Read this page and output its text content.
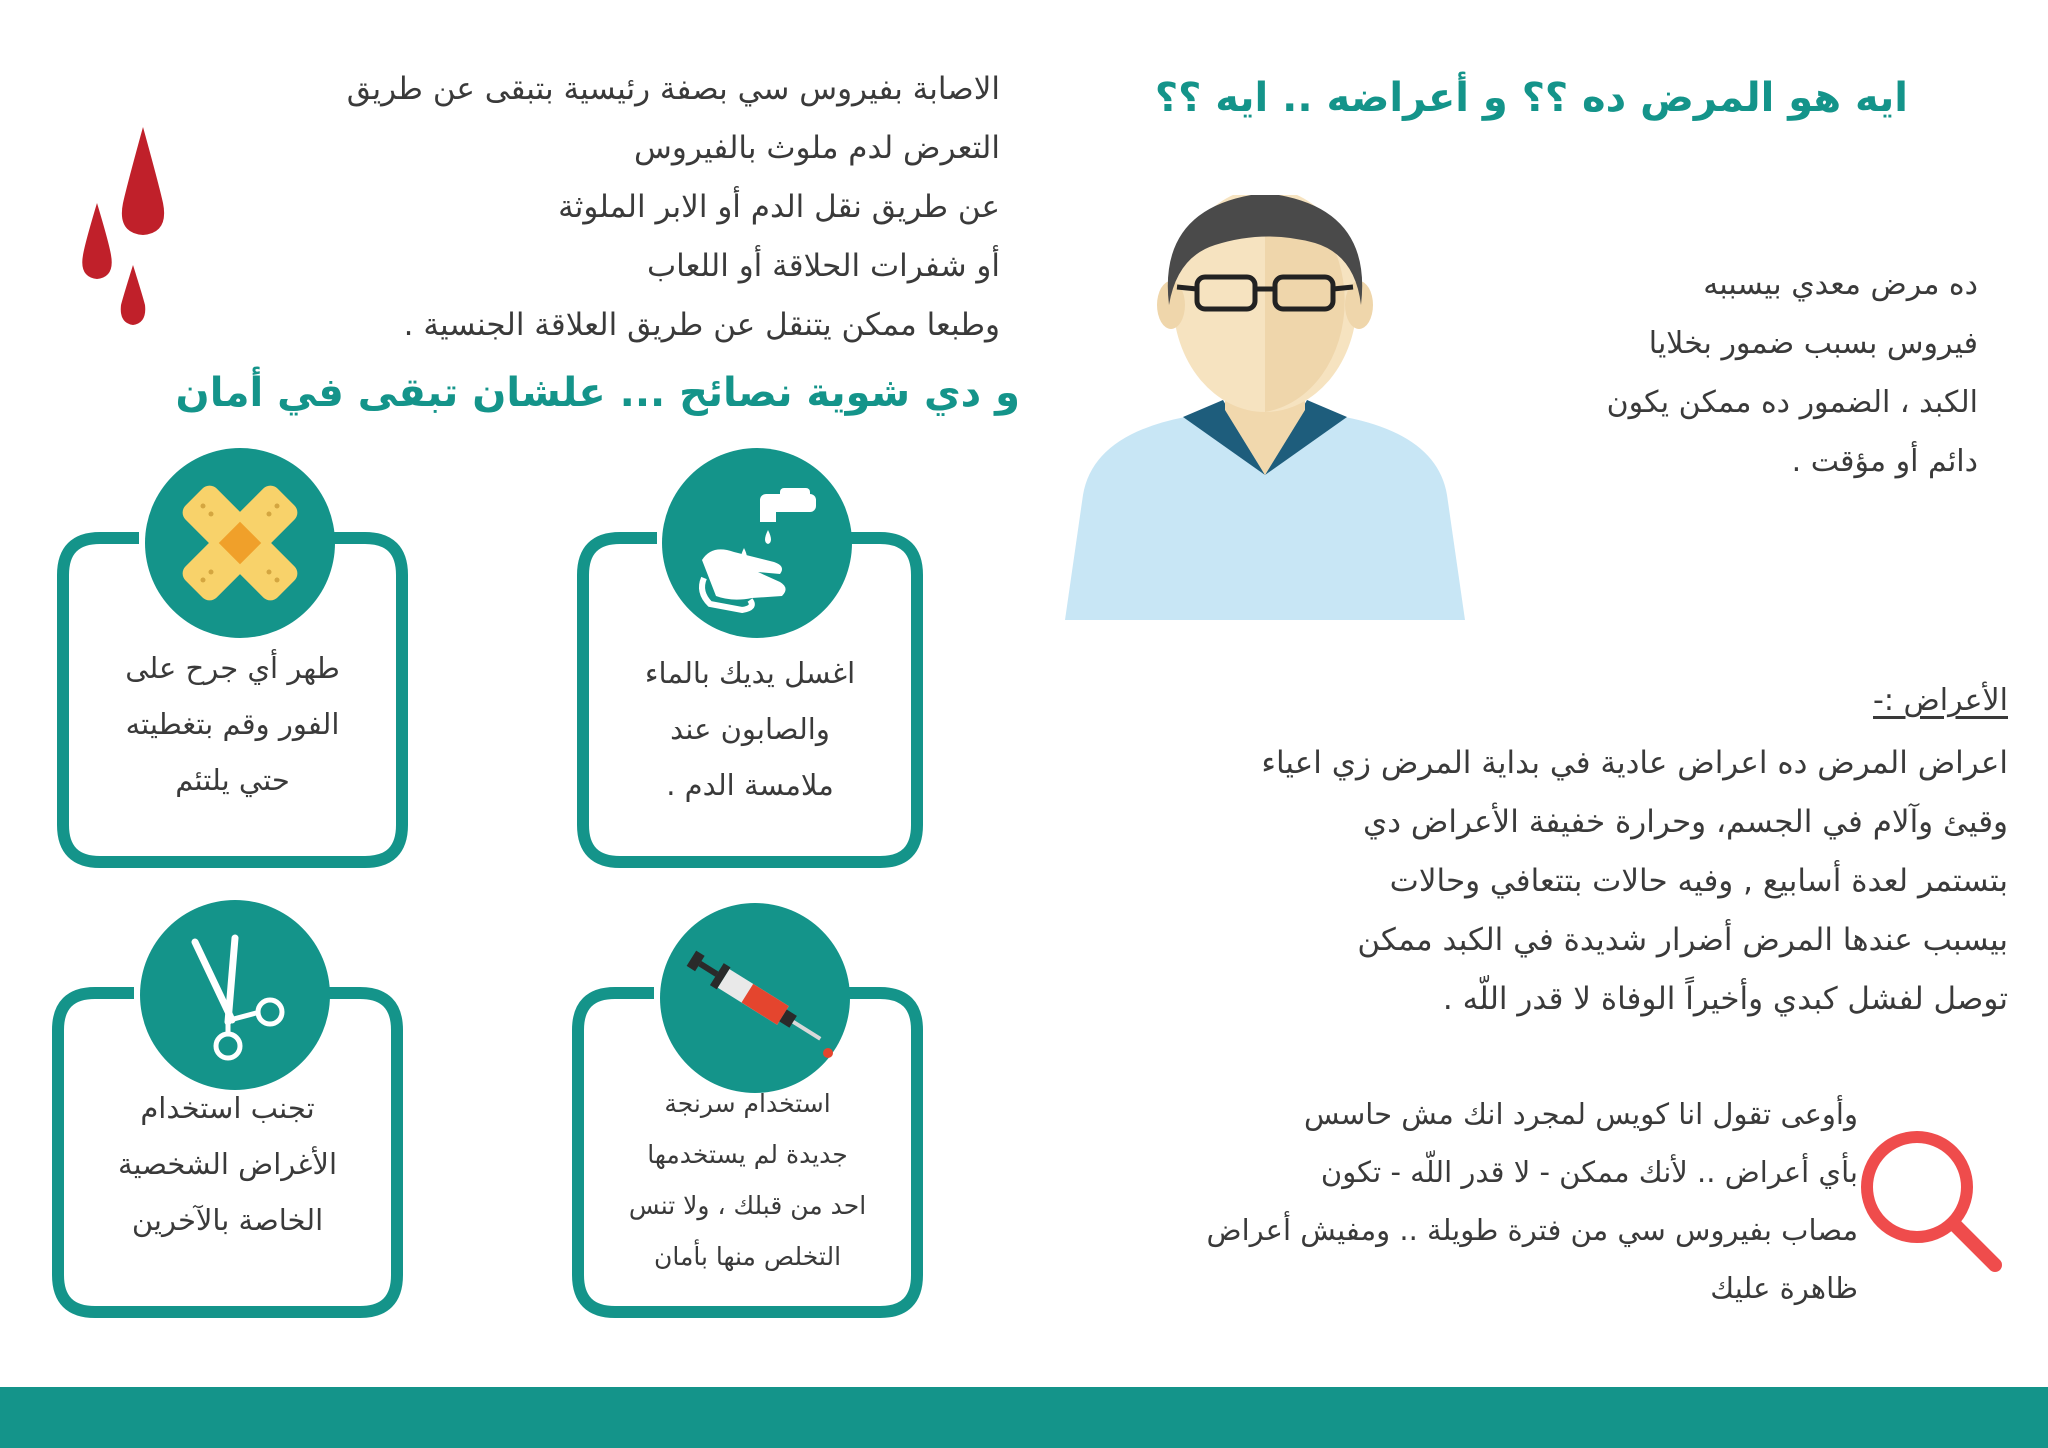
ايه هو المرض ده ؟؟ و أعراضه .. ايه ؟؟
ده مرض معدي بيسببه
فيروس بسبب ضمور بخلايا
الكبد ، الضمور ده ممكن يكون
دائم أو مؤقت .
الاصابة بفيروس سي بصفة رئيسية بتبقى عن طريق
التعرض لدم ملوث بالفيروس
عن طريق نقل الدم أو الابر الملوثة
أو شفرات الحلاقة أو اللعاب
وطبعا ممكن يتنقل عن طريق العلاقة الجنسية .
و دي شوية نصائح ... علشان تبقى في أمان
اغسل يديك بالماء
والصابون عند
ملامسة الدم .
طهر أي جرح على
الفور وقم بتغطيته
حتي يلتئم
استخدام سرنجة
جديدة لم يستخدمها
احد من قبلك ، ولا تنس
التخلص منها بأمان
تجنب استخدام
الأغراض الشخصية
الخاصة بالآخرين
الأعراض :-
اعراض المرض ده اعراض عادية في بداية المرض زي اعياء
وقيئ وآلام في الجسم، وحرارة خفيفة الأعراض دي
بتستمر لعدة أسابيع , وفيه حالات بتتعافي وحالات
بيسبب عندها المرض أضرار شديدة في الكبد ممكن
توصل لفشل كبدي وأخيراً الوفاة لا قدر اللّه .
وأوعى تقول انا كويس لمجرد انك مش حاسس
بأي أعراض .. لأنك ممكن - لا قدر اللّه - تكون
مصاب بفيروس سي من فترة طويلة .. ومفيش أعراض
ظاهرة عليك
